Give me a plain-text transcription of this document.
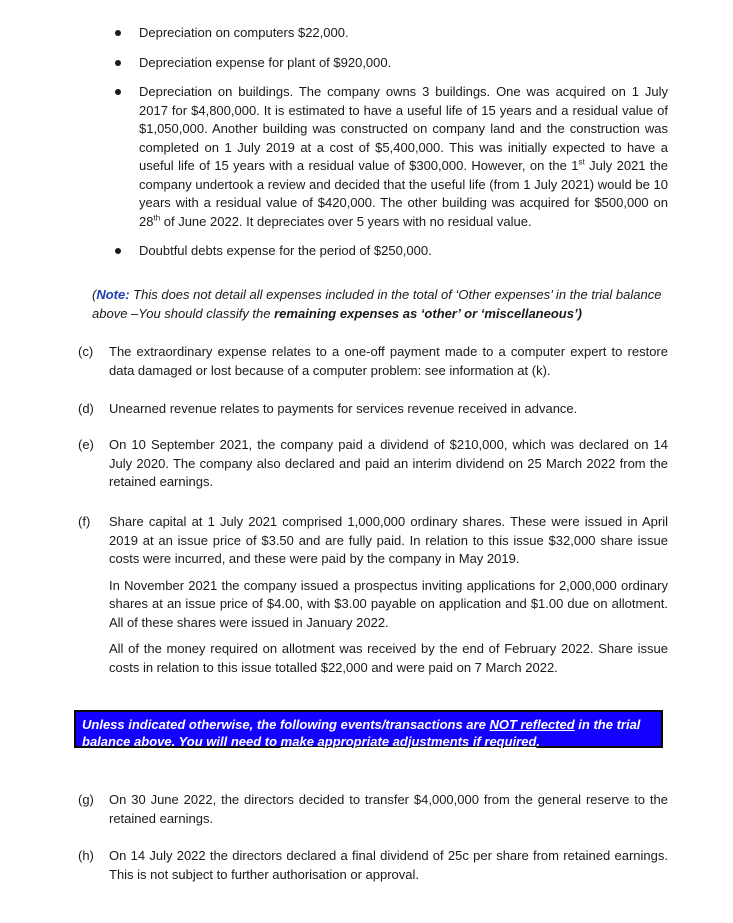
Depreciation on computers $22,000.
Depreciation expense for plant of $920,000.
Depreciation on buildings. The company owns 3 buildings. One was acquired on 1 July 2017 for $4,800,000. It is estimated to have a useful life of 15 years and a residual value of $1,050,000. Another building was constructed on company land and the construction was completed on 1 July 2019 at a cost of $5,400,000. This was initially expected to have a useful life of 15 years with a residual value of $300,000. However, on the 1st July 2021 the company undertook a review and decided that the useful life (from 1 July 2021) would be 10 years with a residual value of $420,000. The other building was acquired for $500,000 on 28th of June 2022. It depreciates over 5 years with no residual value.
Doubtful debts expense for the period of $250,000.
(Note: This does not detail all expenses included in the total of ‘Other expenses’ in the trial balance above –You should classify the remaining expenses as ‘other’ or ‘miscellaneous’)
(c) The extraordinary expense relates to a one-off payment made to a computer expert to restore data damaged or lost because of a computer problem: see information at (k).
(d) Unearned revenue relates to payments for services revenue received in advance.
(e) On 10 September 2021, the company paid a dividend of $210,000, which was declared on 14 July 2020. The company also declared and paid an interim dividend on 25 March 2022 from the retained earnings.
(f) Share capital at 1 July 2021 comprised 1,000,000 ordinary shares. These were issued in April 2019 at an issue price of $3.50 and are fully paid. In relation to this issue $32,000 share issue costs were incurred, and these were paid by the company in May 2019.

In November 2021 the company issued a prospectus inviting applications for 2,000,000 ordinary shares at an issue price of $4.00, with $3.00 payable on application and $1.00 due on allotment. All of these shares were issued in January 2022.

All of the money required on allotment was received by the end of February 2022. Share issue costs in relation to this issue totalled $22,000 and were paid on 7 March 2022.

Unless indicated otherwise, the following events/transactions are NOT reflected in the trial balance above. You will need to make appropriate adjustments if required.
(g) On 30 June 2022, the directors decided to transfer $4,000,000 from the general reserve to the retained earnings.
(h) On 14 July 2022 the directors declared a final dividend of 25c per share from retained earnings. This is not subject to further authorisation or approval.
